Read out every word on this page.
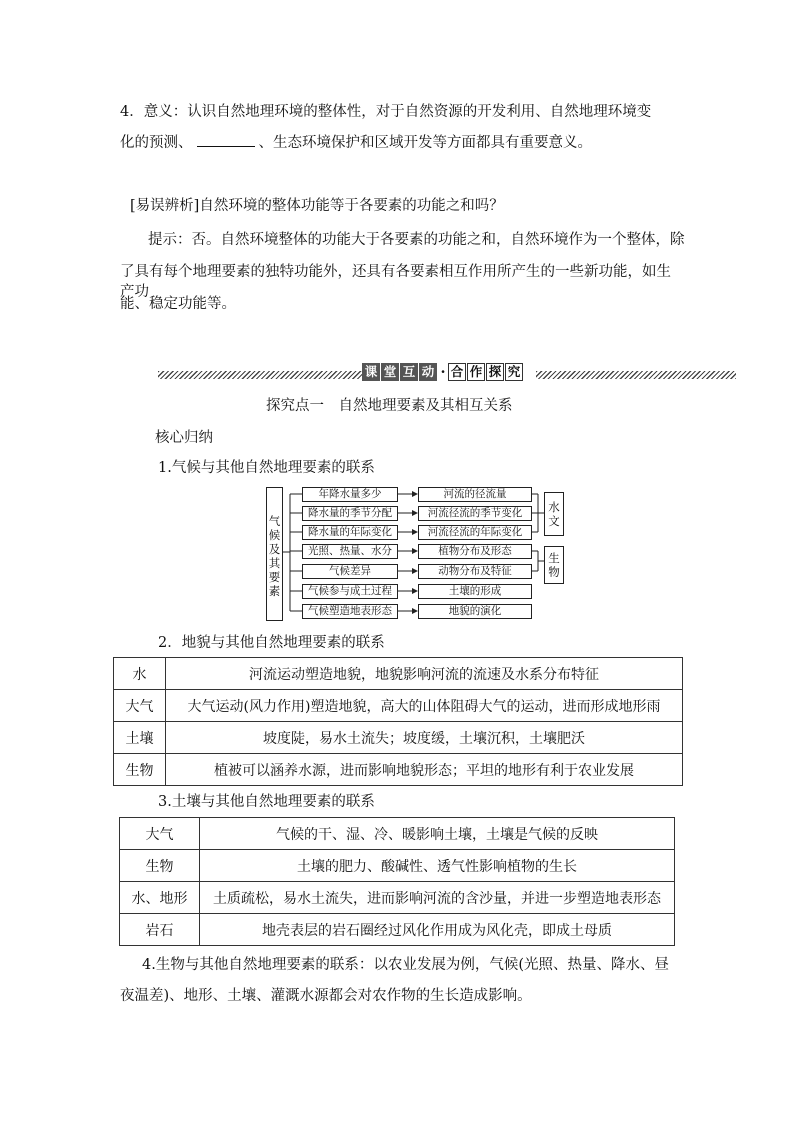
4．意义：认识自然地理环境的整体性，对于自然资源的开发利用、自然地理环境变
化的预测、	、生态环境保护和区域开发等方面都具有重要意义。
[易误辨析]自然环境的整体功能等于各要素的功能之和吗？
提示：否。自然环境整体的功能大于各要素的功能之和，自然环境作为一个整体，除
了具有每个地理要素的独特功能外，还具有各要素相互作用所产生的一些新功能，如生产功
能、稳定功能等。
课 堂 互 动 · 合 作 探 究
探究点一　自然地理要素及其相互关系
核心归纳
1.气候与其他自然地理要素的联系
气候及其要素
年降水量多少
降水量的季节分配
降水量的年际变化
光照、热量、水分
气候差异
气候参与成土过程
气候塑造地表形态
河流的径流量
河流径流的季节变化
河流径流的年际变化
植物分布及形态
动物分布及特征
土壤的形成
地貌的演化
水文
生物
2．地貌与其他自然地理要素的联系
水	河流运动塑造地貌，地貌影响河流的流速及水系分布特征
大气	大气运动(风力作用)塑造地貌，高大的山体阻碍大气的运动，进而形成地形雨
土壤	坡度陡，易水土流失；坡度缓，土壤沉积，土壤肥沃
生物	植被可以涵养水源，进而影响地貌形态；平坦的地形有利于农业发展
3.土壤与其他自然地理要素的联系
大气	气候的干、湿、冷、暖影响土壤，土壤是气候的反映
生物	土壤的肥力、酸碱性、透气性影响植物的生长
水、地形	土质疏松，易水土流失，进而影响河流的含沙量，并进一步塑造地表形态
岩石	地壳表层的岩石圈经过风化作用成为风化壳，即成土母质
4.生物与其他自然地理要素的联系：以农业发展为例，气候(光照、热量、降水、昼
夜温差)、地形、土壤、灌溉水源都会对农作物的生长造成影响。
